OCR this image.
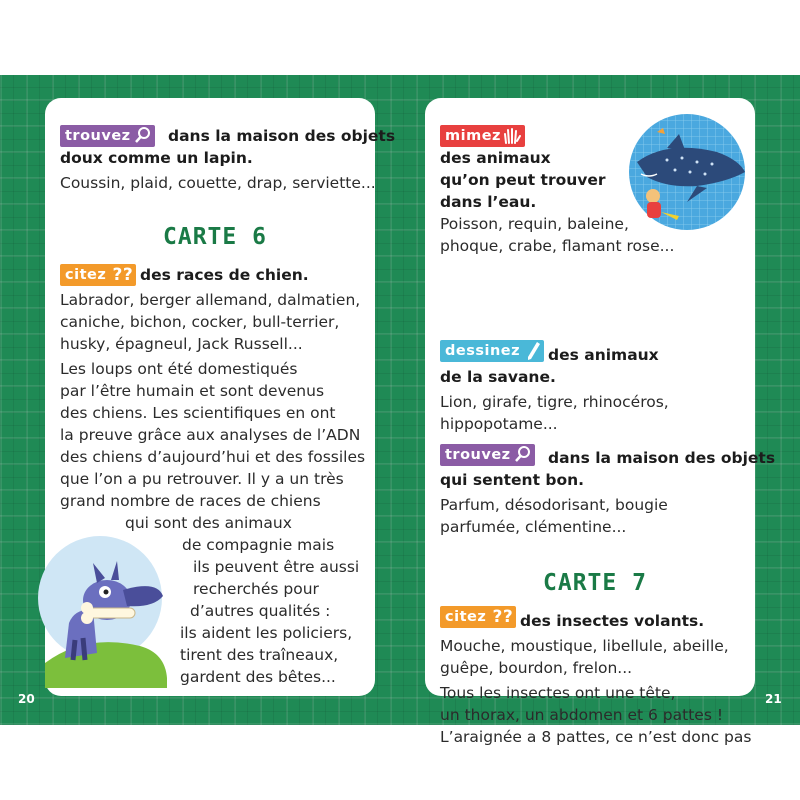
trouvez	dans la maison des objets
doux comme un lapin.
Coussin, plaid, couette, drap, serviette...
CARTE 6
citez ?? des races de chien.
Labrador, berger allemand, dalmatien,
caniche, bichon, cocker, bull-terrier,
husky, épagneul, Jack Russell...
Les loups ont été domestiqués
par l’être humain et sont devenus
des chiens. Les scientifiques en ont
la preuve grâce aux analyses de l’ADN
des chiens d’aujourd’hui et des fossiles
que l’on a pu retrouver. Il y a un très
grand nombre de races de chiens
qui sont des animaux
de compagnie mais
ils peuvent être aussi
recherchés pour
d’autres qualités :
ils aident les policiers,
tirent des traîneaux,
gardent des bêtes...
mimez
des animaux
qu’on peut trouver
dans l’eau.
Poisson, requin, baleine,
phoque, crabe, flamant rose...
dessinez	des animaux
de la savane.
Lion, girafe, tigre, rhinocéros,
hippopotame...
trouvez	dans la maison des objets
qui sentent bon.
Parfum, désodorisant, bougie
parfumée, clémentine...
CARTE 7
citez ?? des insectes volants.
Mouche, moustique, libellule, abeille,
guêpe, bourdon, frelon...
Tous les insectes ont une tête,
un thorax, un abdomen et 6 pattes !
L’araignée a 8 pattes, ce n’est donc pas
20	21
